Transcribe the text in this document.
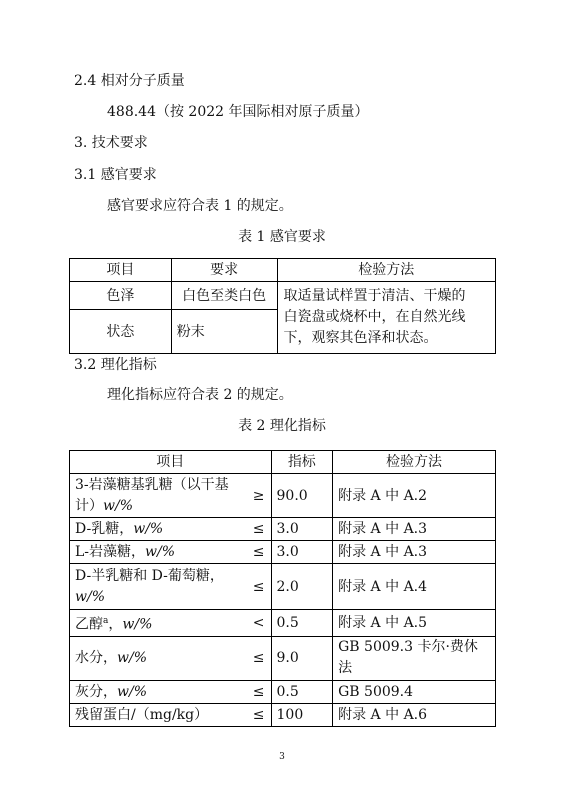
2.4 相对分子质量
488.44（按 2022 年国际相对原子质量）
3. 技术要求
3.1 感官要求
感官要求应符合表 1 的规定。
表 1 感官要求
项目	要求	检验方法
色泽	白色至类白色	取适量试样置于清洁、干燥的
白瓷盘或烧杯中，在自然光线
下，观察其色泽和状态。

状态	粉末	
3.2 理化指标
理化指标应符合表 2 的规定。
表 2 理化指标
项目		指标	检验方法
3-岩藻糖基乳糖（以干基计）w/%	≥	90.0	附录 A 中 A.2
D-乳糖，w/%	≤	3.0	附录 A 中 A.3
L-岩藻糖，w/%	≤	3.0	附录 A 中 A.3
D-半乳糖和 D-葡萄糖，
w/%	≤	2.0	附录 A 中 A.4
乙醇$^a$，w/%	<	0.5	附录 A 中 A.5
水分，w/%	≤	9.0	GB 5009.3 卡尔·费休法
灰分，w/%	≤	0.5	GB 5009.4
残留蛋白/（mg/kg）	≤	100	附录 A 中 A.6
3
